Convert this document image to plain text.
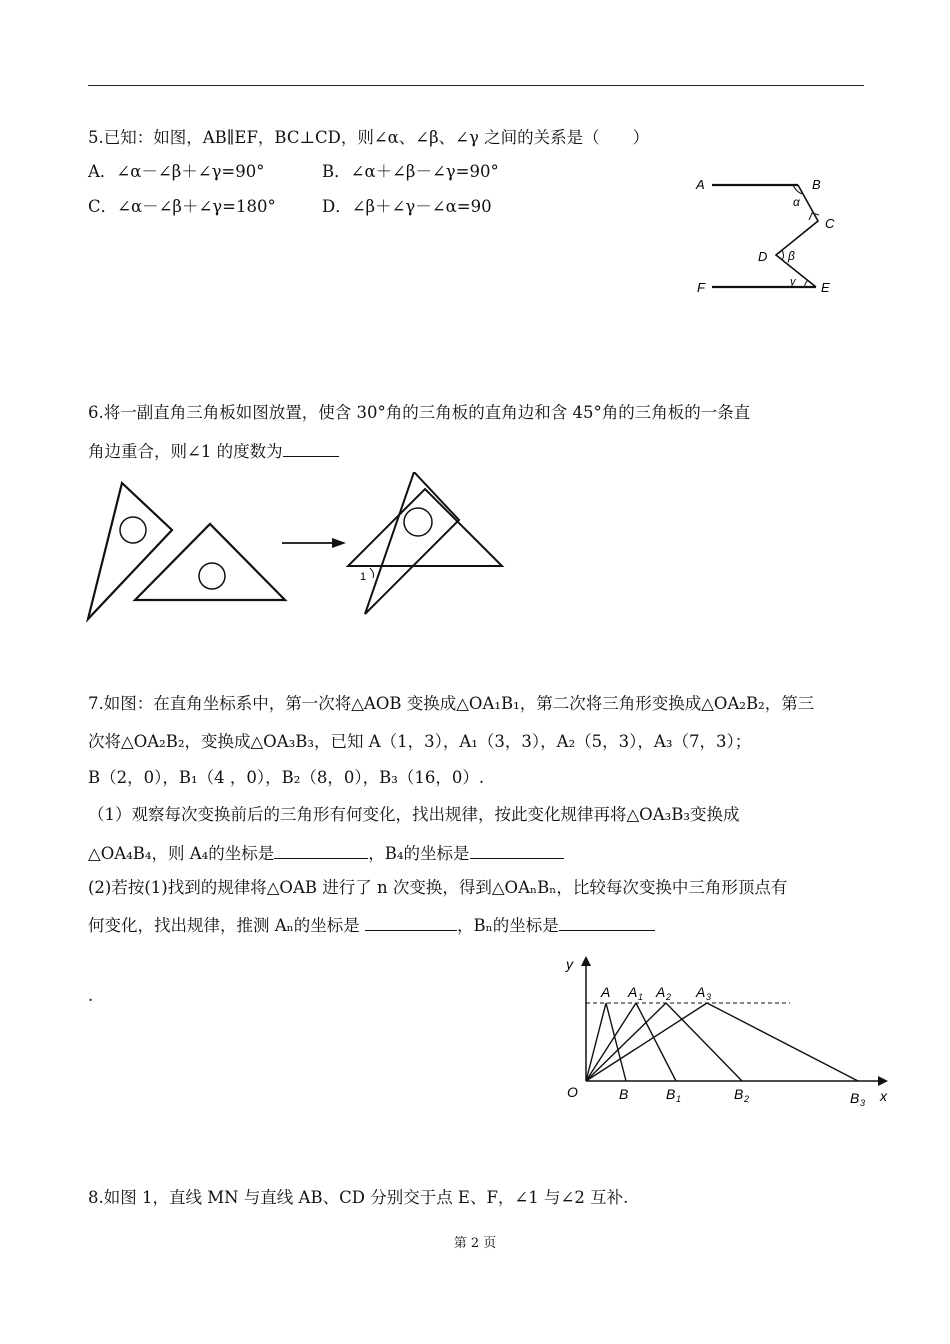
5.已知：如图，AB∥EF，BC⊥CD，则∠α、∠β、∠γ 之间的关系是（　　）
A．∠α－∠β＋∠γ=90°	B．∠α＋∠β－∠γ=90°
C．∠α－∠β＋∠γ=180°	D．∠β＋∠γ－∠α=90
A	B
C
D
E
F
α
β
γ
6.将一副直角三角板如图放置，使含 30°角的三角板的直角边和含 45°角的三角板的一条直
角边重合，则∠1 的度数为
1
7.如图：在直角坐标系中，第一次将△AOB 变换成△OA₁B₁，第二次将三角形变换成△OA₂B₂，第三
次将△OA₂B₂，变换成△OA₃B₃，已知 A（1，3），A₁（3，3），A₂（5，3），A₃（7，3）；
B（2，0），B₁（4 ，0），B₂（8，0），B₃（16，0）.
（1）观察每次变换前后的三角形有何变化，找出规律，按此变化规律再将△OA₃B₃变换成
△OA₄B₄，则 A₄的坐标是	，B₄的坐标是
(2)若按(1)找到的规律将△OAB 进行了 n 次变换，得到△OAₙBₙ，比较每次变换中三角形顶点有
何变化，找出规律，推测 Aₙ的坐标是	，Bₙ的坐标是
.
y
x
O
A A 1 A 2 A 3
B	B 1	B 2	B 3
8.如图 1，直线 MN 与直线 AB、CD 分别交于点 E、F，∠1 与∠2 互补.
第 2 页
